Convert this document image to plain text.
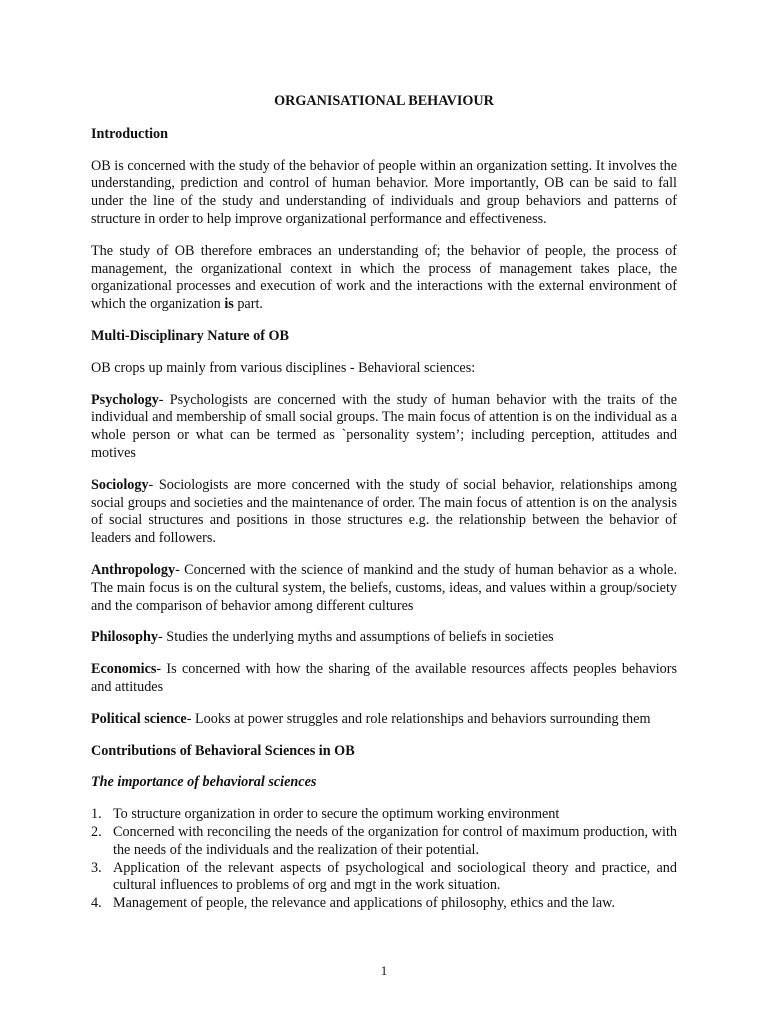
ORGANISATIONAL BEHAVIOUR
Introduction

OB is concerned with the study of the behavior of people within an organization setting. It involves the understanding, prediction and control of human behavior. More importantly, OB can be said to fall under the line of the study and understanding of individuals and group behaviors and patterns of structure in order to help improve organizational performance and effectiveness.

The study of OB therefore embraces an understanding of; the behavior of people, the process of management, the organizational context in which the process of management takes place, the organizational processes and execution of work and the interactions with the external environment of which the organization is part.

Multi-Disciplinary Nature of OB

OB crops up mainly from various disciplines - Behavioral sciences:

Psychology- Psychologists are concerned with the study of human behavior with the traits of the individual and membership of small social groups. The main focus of attention is on the individual as a whole person or what can be termed as `personality system’; including perception, attitudes and motives

Sociology- Sociologists are more concerned with the study of social behavior, relationships among social groups and societies and the maintenance of order. The main focus of attention is on the analysis of social structures and positions in those structures e.g. the relationship between the behavior of leaders and followers.

Anthropology- Concerned with the science of mankind and the study of human behavior as a whole. The main focus is on the cultural system, the beliefs, customs, ideas, and values within a group/society and the comparison of behavior among different cultures

Philosophy- Studies the underlying myths and assumptions of beliefs in societies

Economics- Is concerned with how the sharing of the available resources affects peoples behaviors and attitudes

Political science- Looks at power struggles and role relationships and behaviors surrounding them

Contributions of Behavioral Sciences in OB
The importance of behavioral sciences
1. To structure organization in order to secure the optimum working environment
2. Concerned with reconciling the needs of the organization for control of maximum production, with the needs of the individuals and the realization of their potential.
3. Application of the relevant aspects of psychological and sociological theory and practice, and cultural influences to problems of org and mgt in the work situation.
4. Management of people, the relevance and applications of philosophy, ethics and the law.
1
